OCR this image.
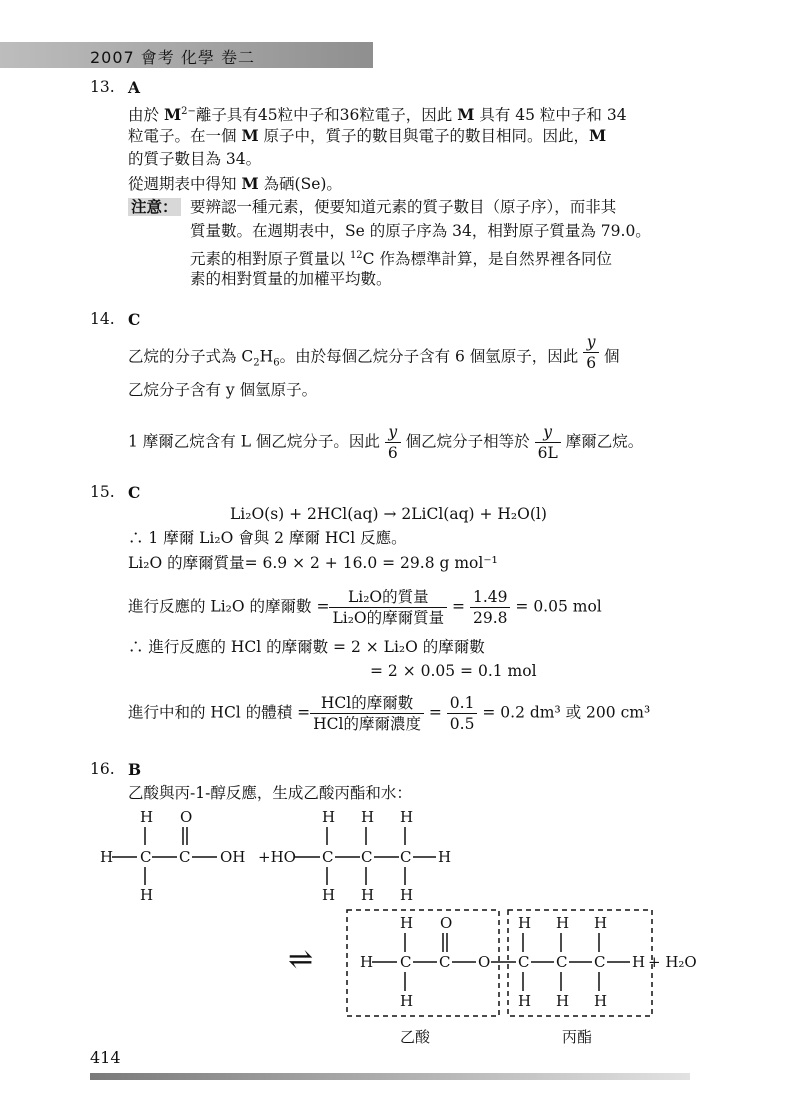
2007 會考 化學 卷二
13. A
由於 $M^{2-}$離子具有45粒中子和36粒電子，因此 M 具有 45 粒中子和 34
粒電子。在一個 M 原子中，質子的數目與電子的數目相同。因此，M
的質子數目為 34。
從週期表中得知 M 為硒(Se)。
注意： 要辨認一種元素，便要知道元素的質子數目（原子序），而非其
質量數。在週期表中，Se 的原子序為 34，相對原子質量為 79.0。
元素的相對原子質量以 $^{12}$C 作為標準計算，是自然界裡各同位
素的相對質量的加權平均數。
14. C
乙烷的分子式為 $C_2H_6$。由於每個乙烷分子含有 6 個氫原子，因此 $\frac{y}{6}$ 個
乙烷分子含有 y 個氫原子。
1 摩爾乙烷含有 L 個乙烷分子。因此 $\frac{y}{6}$ 個乙烷分子相等於 $\frac{y}{6L}$ 摩爾乙烷。
15. C
Li₂O(s) + 2HCl(aq) → 2LiCl(aq) + H₂O(l)
∴ 1 摩爾 Li₂O 會與 2 摩爾 HCl 反應。
Li₂O 的摩爾質量= 6.9 × 2 + 16.0 = 29.8 g mol⁻¹
進行反應的 Li₂O 的摩爾數 = $\frac{\text{Li₂O的質量}}{\text{Li₂O的摩爾質量}} = \frac{1.49}{29.8} = 0.05$ mol
∴ 進行反應的 HCl 的摩爾數 = 2 × Li₂O 的摩爾數
= 2 × 0.05 = 0.1 mol
進行中和的 HCl 的體積 = $\frac{\text{HCl的摩爾數}}{\text{HCl的摩爾濃度}} = \frac{0.1}{0.5} = 0.2$ dm³ 或 200 cm³
16. B
乙酸與丙-1-醇反應，生成乙酸丙酯和水：
H O
H C C OH
H
+HO C C C H
H H H
H H H
⇌
H O
H C C O C C C H + H₂O
H
H H H
H H H
乙酸	丙酯
414
